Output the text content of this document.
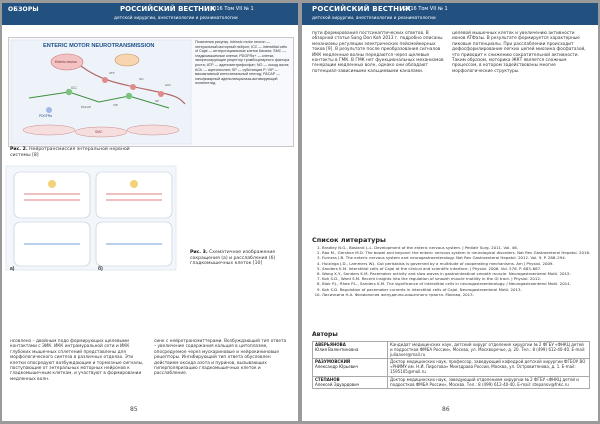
ОБЗОРЫ	РОССИЙСКИЙ ВЕСТНИК
2016 Том VII № 1
детской хирургии, анестезиологии и реаниматологии
ENTERIC MOTOR NEUROTRANSMISSION
Enteric neuron
ICC
PDGFRα
SMC
ATP
NO
ACh
SP
VIP
PACAP
Пояснения рисунку. Intrinsic motor neuron — энтеральный моторный нейрон; ICC — interstitial cells of Cajal — интерстициальные клетки Кахаля; SMC — гладкомышечные клетки; PDGFRα+ — клетки, экспрессирующие рецептор тромбоцитарного фактора роста; ATP — аденозинтрифосфат; NO — оксид азота; ACh — ацетилхолин; SP — субстанция P; VIP — вазоактивный интестинальный пептид; PACAP — гипофизарный аденилатциклаза-активирующий полипептид.
Рис. 2. Нейротрансмиссия энтеральной нервной системы [8]
нсовлено – двойным подо формирующих щелевыми контактами с ЭИК. ИКК интрамуральной сети и ИКК глубоких мышечных сплетений представлены для морфологического синтеза в различных отделах. Эти клетки опосредуют возбуждающие и тормозные сигналы, поступающие от энтеральных моторных нейронов к гладкомышечным клеткам, и участвуют в формировании медленных волн.
синк с нейротрансмиттерами. Возбуждающий тип ответа – увеличение содержания кальция в цитоплазме, опосредуемое через мускариновые и нейрокининовые рецепторы. Ингибирующий тип ответа обусловлен действием оксида азота и пуринов, вызывающих гиперполяризацию гладкомышечных клеток и расслабление.
85
РОССИЙСКИЙ ВЕСТНИК
2016 Том VII № 1
детской хирургии, анестезиологии и реаниматологии
пути формирования постсинаптических ответов. В обзорной статье Sang Don Koh 2013 г. подробно описаны механизмы регуляции электрических пейсмейкерных токов [9]. В результате после преобразования сигналов ИКК медленные волны передаются через щелевые контакты в ГМК. В ГМК нет функциональных механизмов генерации медленных волн, однако они обладают потенциал-зависимыми кальциевыми каналами.
целевой мышечных клеток и увеличению активности ионов ATФазы. В результате формируется характерные пиковые потенциалы. При расслаблении происходит дефосфорилирование легких цепей миозина фосфатазой, что приводит к снижению сократительной активности. Таким образом, моторика ЖКТ является сложным процессом, в котором задействованы многие морфологические структуры.
Список литературы
1. Bradley N.G., Bosland J.-L. Development of the enteric nervous system. J Pediatr Surg. 2011. Vol. 46.
2. Rao M., Gershon M.D. The bowel and beyond: the enteric nervous system in neurological disorders. Nat Rev Gastroenterol Hepatol. 2016.
3. Furness J.B. The enteric nervous system and neurogastroenterology. Nat Rev Gastroenterol Hepatol. 2012. Vol. 9. P. 286–294.
4. Huizinga J.D., Lammers W.J. Gut peristalsis is governed by a multitude of cooperating mechanisms. Am J Physiol. 2009.
5. Sanders K.M. Interstitial cells of Cajal at the clinical and scientific interface. J Physiol. 2006. Vol. 576. P. 683–687.
6. Wang X.Y., Sanders K.M. Pacemaker activity and slow waves in gastrointestinal smooth muscle. Neurogastroenterol Motil. 2015.
7. Koh S.D., Ward S.M. Recent insights into the regulation of smooth muscle motility in the GI tract. J Physiol. 2012.
8. Blair P.J., Rhee P.L., Sanders K.M. The significance of interstitial cells in neurogastroenterology. J Neurogastroenterol Motil. 2014.
9. Koh S.D. Regulation of pacemaker currents in interstitial cells of Cajal. Neurogastroenterol Motil. 2013.
10. Лисичкина Н.А. Физиология желудочно-кишечного тракта. Москва, 2013.
Авторы
АВЕРЬЯНОВА
Юлия Валентиновна	Кандидат медицинских наук, детский хирург отделения хирургии № 2 ФГБУ «ФНКЦ детей и подростков ФМБА России», Москва, ул. Москворечье, д. 20. Тел.: 8 (499) 612-40-40. E-mail: juliaaver@mail.ru

РАЗУМОВСКИЙ
Александр Юрьевич	Доктор медицинских наук, профессор, заведующий кафедрой детской хирургии ФГБОУ ВО «РНИМУ им. Н.И. Пирогова» Минздрава России, Москва, ул. Островитянова, д. 1. E-mail: 1595105@mail.ru

СТЕПАНОВ
Алексей Эдуардович	Доктор медицинских наук, заведующий отделением хирургии № 2 ФГБУ «ФНКЦ детей и подростков ФМБА России», Москва. Тел.: 8 (499) 612-40-40. E-mail: stepanov@fnkc.ru
86
a)	б)
Рис. 3. Схематичное изображение сокращения (а) и расслабления (б) гладкомышечных клеток [10]
